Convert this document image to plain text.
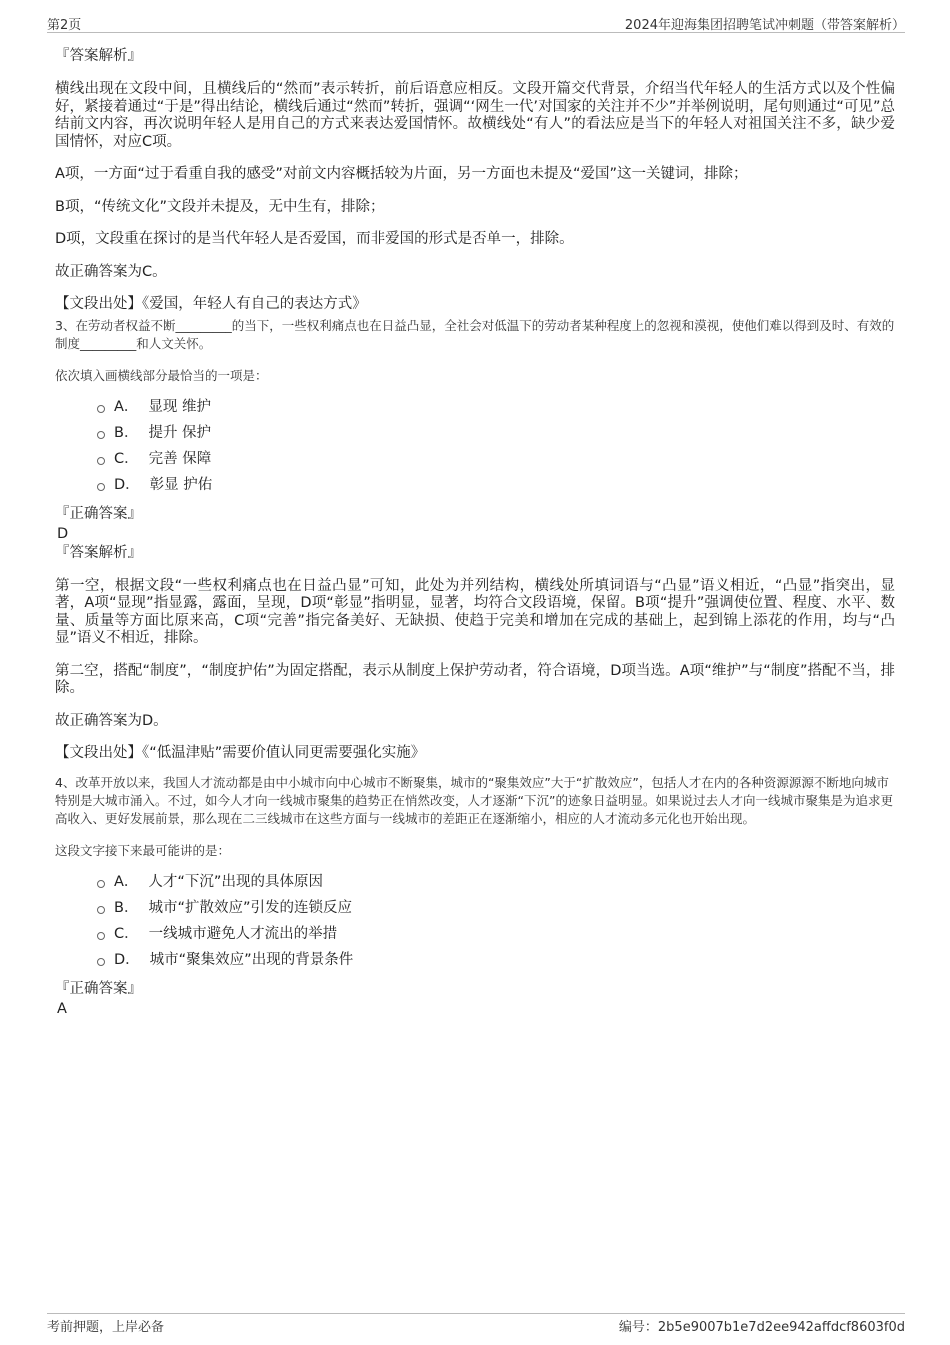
第2页	2024年迎海集团招聘笔试冲刺题（带答案解析）
『答案解析』

横线出现在文段中间，且横线后的“然而”表示转折，前后语意应相反。文段开篇交代背景，介绍当代年轻人的生活方式以及个性偏好，紧接着通过“于是”得出结论，横线后通过“然而”转折，强调“‘网生一代’对国家的关注并不少”并举例说明，尾句则通过“可见”总结前文内容，再次说明年轻人是用自己的方式来表达爱国情怀。故横线处“有人”的看法应是当下的年轻人对祖国关注不多，缺少爱国情怀，对应C项。

A项，一方面“过于看重自我的感受”对前文内容概括较为片面，另一方面也未提及“爱国”这一关键词，排除；

B项，“传统文化”文段并未提及，无中生有，排除；

D项，文段重在探讨的是当代年轻人是否爱国，而非爱国的形式是否单一，排除。

故正确答案为C。

【文段出处】《爱国，年轻人有自己的表达方式》

3、在劳动者权益不断_________的当下，一些权利痛点也在日益凸显，全社会对低温下的劳动者某种程度上的忽视和漠视，使他们难以得到及时、有效的制度_________和人文关怀。

依次填入画横线部分最恰当的一项是：

A． 显现 维护
B． 提升 保护
C． 完善 保障
D． 彰显 护佑
『正确答案』
D
『答案解析』

第一空，根据文段“一些权利痛点也在日益凸显”可知，此处为并列结构，横线处所填词语与“凸显”语义相近，“凸显”指突出，显著，A项“显现”指显露，露面，呈现，D项“彰显”指明显，显著，均符合文段语境，保留。B项“提升”强调使位置、程度、水平、数量、质量等方面比原来高，C项“完善”指完备美好、无缺损、使趋于完美和增加在完成的基础上，起到锦上添花的作用，均与“凸显”语义不相近，排除。

第二空，搭配“制度”，“制度护佑”为固定搭配，表示从制度上保护劳动者，符合语境，D项当选。A项“维护”与“制度”搭配不当，排除。

故正确答案为D。

【文段出处】《“低温津贴”需要价值认同更需要强化实施》

4、改革开放以来，我国人才流动都是由中小城市向中心城市不断聚集，城市的“聚集效应”大于“扩散效应”，包括人才在内的各种资源源源不断地向城市特别是大城市涌入。不过，如今人才向一线城市聚集的趋势正在悄然改变，人才逐渐“下沉”的迹象日益明显。如果说过去人才向一线城市聚集是为追求更高收入、更好发展前景，那么现在二三线城市在这些方面与一线城市的差距正在逐渐缩小，相应的人才流动多元化也开始出现。

这段文字接下来最可能讲的是：

A． 人才“下沉”出现的具体原因
B． 城市“扩散效应”引发的连锁反应
C． 一线城市避免人才流出的举措
D． 城市“聚集效应”出现的背景条件
『正确答案』
A
考前押题，上岸必备	编号：2b5e9007b1e7d2ee942affdcf8603f0d
